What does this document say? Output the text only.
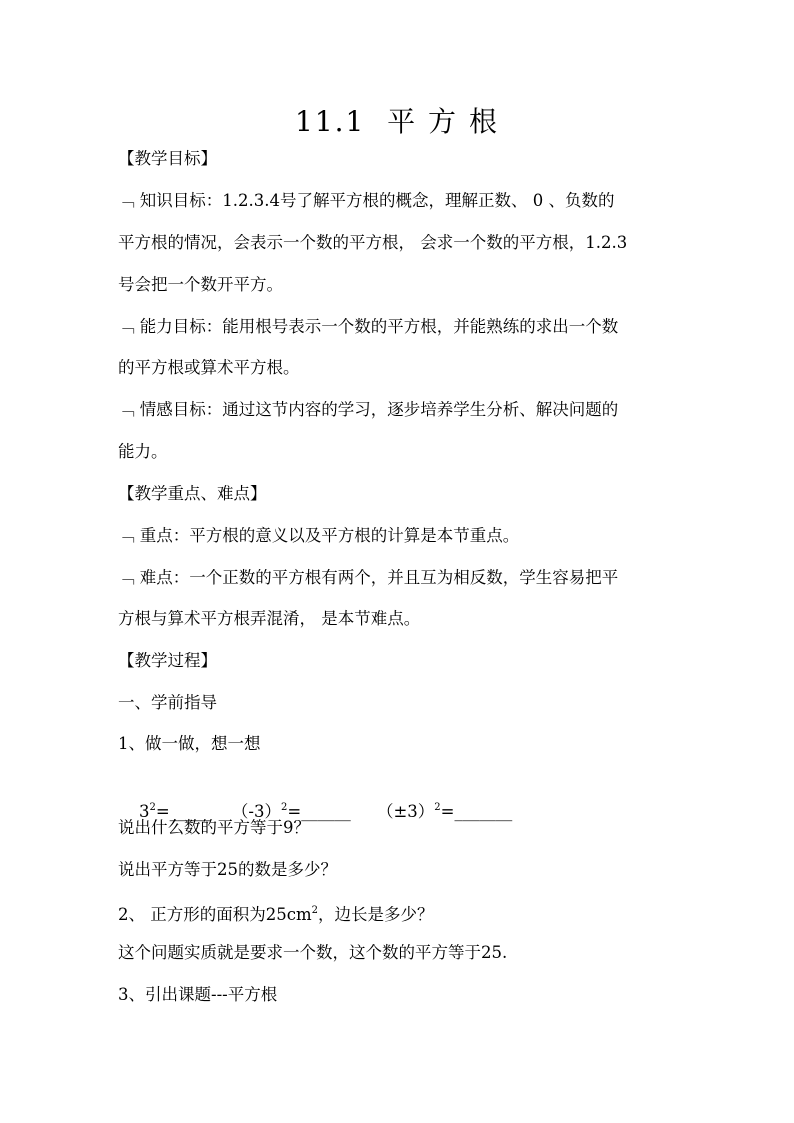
11.1  平 方 根
【教学目标】
﹁ 知识目标：1.2.3.4号了解平方根的概念，理解正数、 0 、负数的
平方根的情况，会表示一个数的平方根， 会求一个数的平方根，1.2.3
号会把一个数开平方。
﹁ 能力目标：能用根号表示一个数的平方根，并能熟练的求出一个数
的平方根或算术平方根。
﹁ 情感目标：通过这节内容的学习，逐步培养学生分析、解决问题的
能力。
【教学重点、难点】
﹁ 重点：平方根的意义以及平方根的计算是本节重点。
﹁ 难点：一个正数的平方根有两个，并且互为相反数，学生容易把平
方根与算术平方根弄混淆， 是本节难点。
【教学过程】
一、学前指导
1、做一做，想一想

$3^2=\_\_\_\_\_$ $(-3)^2=\_\_\_\_\_\_$ $(\pm 3)^2=\_\_\_\_\_\_\_$

说出什么数的平方等于9？
说出平方等于25的数是多少？
2、 正方形的面积为$25cm^2$，边长是多少？
这个问题实质就是要求一个数，这个数的平方等于25.
3、引出课题---平方根
